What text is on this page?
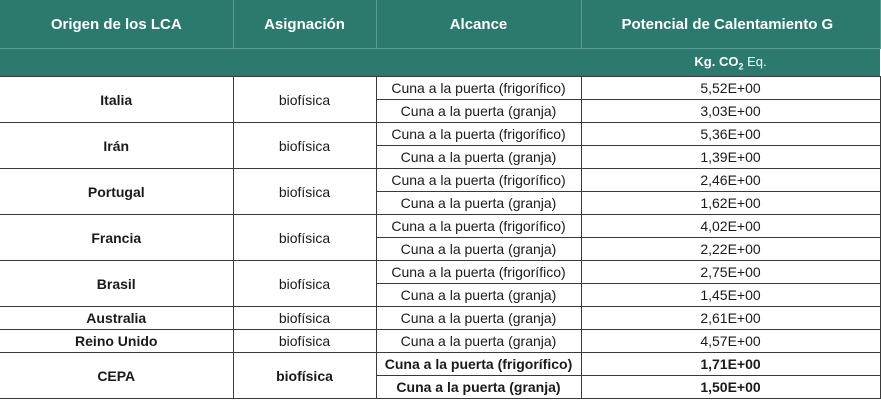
Origen de los LCA	Asignación	Alcance	Potencial de Calentamiento G
			Kg. $CO_2$ Eq.
Italia	biofísica	Cuna a la puerta (frigorífico)	5,52E+00
		Cuna a la puerta (granja)	3,03E+00
Irán	biofísica	Cuna a la puerta (frigorífico)	5,36E+00
		Cuna a la puerta (granja)	1,39E+00
Portugal	biofísica	Cuna a la puerta (frigorífico)	2,46E+00
		Cuna a la puerta (granja)	1,62E+00
Francia	biofísica	Cuna a la puerta (frigorífico)	4,02E+00
		Cuna a la puerta (granja)	2,22E+00
Brasil	biofísica	Cuna a la puerta (frigorífico)	2,75E+00
		Cuna a la puerta (granja)	1,45E+00
Australia	biofísica	Cuna a la puerta (granja)	2,61E+00
Reino Unido	biofísica	Cuna a la puerta (granja)	4,57E+00
CEPA	biofísica	Cuna a la puerta (frigorífico)	1,71E+00
		Cuna a la puerta (granja)	1,50E+00
